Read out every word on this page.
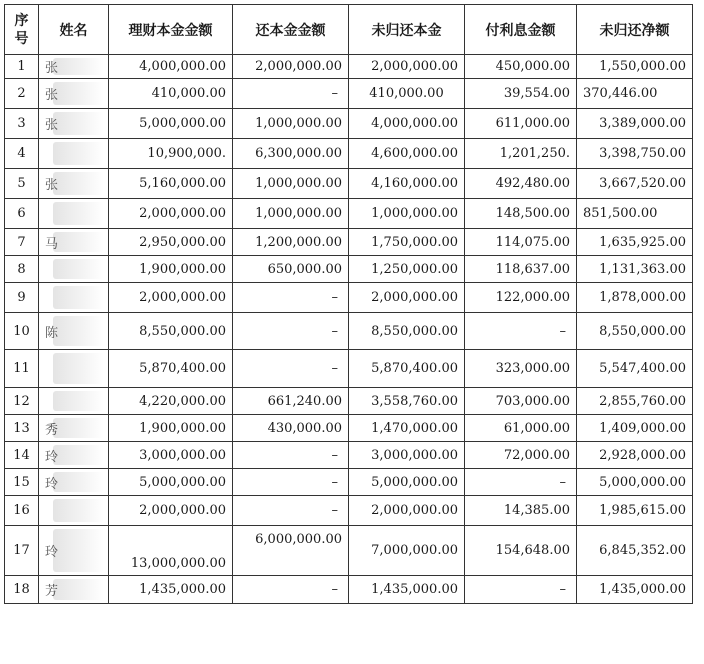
序号	姓名	理财本金金额	还本金金额	未归还本金	付利息金额	未归还净额
1	张	4,000,000.00	2,000,000.00	2,000,000.00	450,000.00	1,550,000.00
2	张	410,000.00	–	410,000.00	39,554.00	370,446.00
3	张	5,000,000.00	1,000,000.00	4,000,000.00	611,000.00	3,389,000.00
4		10,900,000.	6,300,000.00	4,600,000.00	1,201,250.	3,398,750.00
5	张	5,160,000.00	1,000,000.00	4,160,000.00	492,480.00	3,667,520.00
6		2,000,000.00	1,000,000.00	1,000,000.00	148,500.00	851,500.00
7	马	2,950,000.00	1,200,000.00	1,750,000.00	114,075.00	1,635,925.00
8		1,900,000.00	650,000.00	1,250,000.00	118,637.00	1,131,363.00
9		2,000,000.00	–	2,000,000.00	122,000.00	1,878,000.00
10	陈	8,550,000.00	–	8,550,000.00	–	8,550,000.00
11		5,870,400.00	–	5,870,400.00	323,000.00	5,547,400.00
12		4,220,000.00	661,240.00	3,558,760.00	703,000.00	2,855,760.00
13	秀	1,900,000.00	430,000.00	1,470,000.00	61,000.00	1,409,000.00
14	玲	3,000,000.00	–	3,000,000.00	72,000.00	2,928,000.00
15	玲	5,000,000.00	–	5,000,000.00	–	5,000,000.00
16		2,000,000.00	–	2,000,000.00	14,385.00	1,985,615.00
17	玲	13,000,000.00	6,000,000.00	7,000,000.00	154,648.00	6,845,352.00
18	芳	1,435,000.00	–	1,435,000.00	–	1,435,000.00
